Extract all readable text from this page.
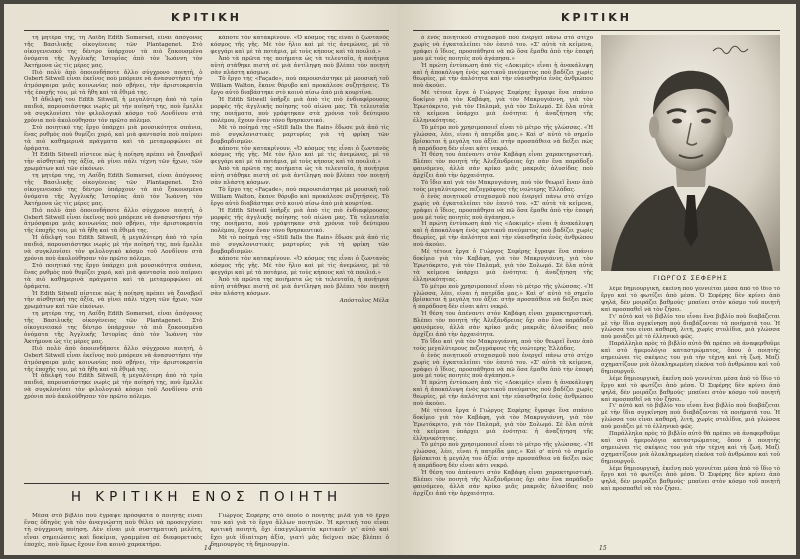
ΚΡΙΤΙΚΗ

τη μητέρα της, τη Λαίδη Edith Somerset, είναι ἀπόγονος τῆς Βασιλικῆς οἰκογένειας τῶν Plantagenet. Στὸ οἰκογενειακό της δέντρο ὑπάρχουν τὰ πιὸ ξακουσμένα ὀνόματα τῆς Ἀγγλικῆς Ἱστορίας ἀπὸ τὸν Ἰωάννη τὸν Ἀκτήμονα ὡς τὶς μέρες μας.

Πιὸ πολὺ ἀπὸ ὁποιονδήποτε ἄλλο σύγχρονο ποιητή, ὁ Osbert Sitwell εἶναι ἐκεῖνος ποὺ μπόρεσε νὰ ἀνασυστήσει τὴν ἀτμόσφαιρα μιᾶς κοινωνίας ποὺ σβήνει, τὴν ἀριστοκρατία τῆς ἐποχῆς του, μὲ τὰ ἤθη καὶ τὰ ἔθιμά της.

Ἡ ἀδελφή του Edith Sitwell, ἡ μεγαλύτερη ἀπὸ τὰ τρία παιδιά, παρουσιάστηκε νωρὶς μὲ τὴν ποίησή της, ποὺ ἔμελλε νὰ συγκλονίσει τὸν φιλολογικὸ κόσμο τοῦ Λονδίνου στὰ χρόνια ποὺ ἀκολούθησαν τὸν πρῶτο πόλεμο.

Στὸ ποιητικό της ἔργο ὑπάρχει μιὰ μουσικότητα σπάνια, ἕνας ρυθμὸς ποὺ θυμίζει χορό, καὶ μιὰ φαντασία ποὺ παίρνει τὰ πιὸ καθημερινὰ πράγματα καὶ τὰ μεταμορφώνει σὲ ὁράματα.

Ἡ Edith Sitwell πίστευε πὼς ἡ ποίηση πρέπει νὰ ξαναβρεῖ τὴν αἰσθητική της ἀξία, νὰ γίνει πάλι τέχνη τῶν ἤχων, τῶν χρωμάτων καὶ τῶν εἰκόνων.

τη μητέρα της, τη Λαίδη Edith Somerset, είναι ἀπόγονος τῆς Βασιλικῆς οἰκογένειας τῶν Plantagenet. Στὸ οἰκογενειακό της δέντρο ὑπάρχουν τὰ πιὸ ξακουσμένα ὀνόματα τῆς Ἀγγλικῆς Ἱστορίας ἀπὸ τὸν Ἰωάννη τὸν Ἀκτήμονα ὡς τὶς μέρες μας.

Πιὸ πολὺ ἀπὸ ὁποιονδήποτε ἄλλο σύγχρονο ποιητή, ὁ Osbert Sitwell εἶναι ἐκεῖνος ποὺ μπόρεσε νὰ ἀνασυστήσει τὴν ἀτμόσφαιρα μιᾶς κοινωνίας ποὺ σβήνει, τὴν ἀριστοκρατία τῆς ἐποχῆς του, μὲ τὰ ἤθη καὶ τὰ ἔθιμά της.

Ἡ ἀδελφή του Edith Sitwell, ἡ μεγαλύτερη ἀπὸ τὰ τρία παιδιά, παρουσιάστηκε νωρὶς μὲ τὴν ποίησή της, ποὺ ἔμελλε νὰ συγκλονίσει τὸν φιλολογικὸ κόσμο τοῦ Λονδίνου στὰ χρόνια ποὺ ἀκολούθησαν τὸν πρῶτο πόλεμο.

Στὸ ποιητικό της ἔργο ὑπάρχει μιὰ μουσικότητα σπάνια, ἕνας ρυθμὸς ποὺ θυμίζει χορό, καὶ μιὰ φαντασία ποὺ παίρνει τὰ πιὸ καθημερινὰ πράγματα καὶ τὰ μεταμορφώνει σὲ ὁράματα.

Ἡ Edith Sitwell πίστευε πὼς ἡ ποίηση πρέπει νὰ ξαναβρεῖ τὴν αἰσθητική της ἀξία, νὰ γίνει πάλι τέχνη τῶν ἤχων, τῶν χρωμάτων καὶ τῶν εἰκόνων.

τη μητέρα της, τη Λαίδη Edith Somerset, είναι ἀπόγονος τῆς Βασιλικῆς οἰκογένειας τῶν Plantagenet. Στὸ οἰκογενειακό της δέντρο ὑπάρχουν τὰ πιὸ ξακουσμένα ὀνόματα τῆς Ἀγγλικῆς Ἱστορίας ἀπὸ τὸν Ἰωάννη τὸν Ἀκτήμονα ὡς τὶς μέρες μας.

Πιὸ πολὺ ἀπὸ ὁποιονδήποτε ἄλλο σύγχρονο ποιητή, ὁ Osbert Sitwell εἶναι ἐκεῖνος ποὺ μπόρεσε νὰ ἀνασυστήσει τὴν ἀτμόσφαιρα μιᾶς κοινωνίας ποὺ σβήνει, τὴν ἀριστοκρατία τῆς ἐποχῆς του, μὲ τὰ ἤθη καὶ τὰ ἔθιμά της.

Ἡ ἀδελφή του Edith Sitwell, ἡ μεγαλύτερη ἀπὸ τὰ τρία παιδιά, παρουσιάστηκε νωρὶς μὲ τὴν ποίησή της, ποὺ ἔμελλε νὰ συγκλονίσει τὸν φιλολογικὸ κόσμο τοῦ Λονδίνου στὰ χρόνια ποὺ ἀκολούθησαν τὸν πρῶτο πόλεμο.

κάποτε τὸν κατακρίνουν. «Ὁ κόσμος της εἶναι ὁ ζωντανὸς κόσμος τῆς γῆς. Μὲ τὸν ἥλιο καὶ μὲ τὶς ἀνεμώνες, μὲ τὸ φεγγάρι καὶ μὲ τὰ ποτάμια, μὲ τοὺς κήπους καὶ τὰ πουλιά.»

Ἀπὸ τὰ πρῶτα της ποιήματα ὡς τὰ τελευταῖα, ἡ ποιήτρια αὐτὴ στάθηκε πιστὴ σὲ μιὰ ἀντίληψη ποὺ βλέπει τὸν ποιητὴ σὰν πλάστη κόσμων.

Τὸ ἔργο της «Façade», ποὺ παρουσιάστηκε μὲ μουσικὴ τοῦ William Walton, ἔκανε θόρυβο καὶ προκάλεσε συζητήσεις. Τὸ ἔργο αὐτὸ διαβάστηκε στὸ κοινὸ πίσω ἀπὸ μιὰ κουρτίνα.

Ἡ Edith Sitwell ὑπῆρξε μιὰ ἀπὸ τὶς πιὸ ἐνδιαφέρουσες μορφὲς τῆς ἀγγλικῆς ποίησης τοῦ αἰώνα μας. Τὰ τελευταῖα της ποιήματα, ποὺ γράφτηκαν στὰ χρόνια τοῦ δεύτερου πολέμου, ἔχουν ἕναν τόνο θρησκευτικό.

Μὲ τὸ ποίημά της «Still falls the Rain» ἔδωσε μιὰ ἀπὸ τὶς πιὸ συγκλονιστικὲς μαρτυρίες γιὰ τὴ φρίκη τῶν βομβαρδισμῶν.

κάποτε τὸν κατακρίνουν. «Ὁ κόσμος της εἶναι ὁ ζωντανὸς κόσμος τῆς γῆς. Μὲ τὸν ἥλιο καὶ μὲ τὶς ἀνεμώνες, μὲ τὸ φεγγάρι καὶ μὲ τὰ ποτάμια, μὲ τοὺς κήπους καὶ τὰ πουλιά.»

Ἀπὸ τὰ πρῶτα της ποιήματα ὡς τὰ τελευταῖα, ἡ ποιήτρια αὐτὴ στάθηκε πιστὴ σὲ μιὰ ἀντίληψη ποὺ βλέπει τὸν ποιητὴ σὰν πλάστη κόσμων.

Τὸ ἔργο της «Façade», ποὺ παρουσιάστηκε μὲ μουσικὴ τοῦ William Walton, ἔκανε θόρυβο καὶ προκάλεσε συζητήσεις. Τὸ ἔργο αὐτὸ διαβάστηκε στὸ κοινὸ πίσω ἀπὸ μιὰ κουρτίνα.

Ἡ Edith Sitwell ὑπῆρξε μιὰ ἀπὸ τὶς πιὸ ἐνδιαφέρουσες μορφὲς τῆς ἀγγλικῆς ποίησης τοῦ αἰώνα μας. Τὰ τελευταῖα της ποιήματα, ποὺ γράφτηκαν στὰ χρόνια τοῦ δεύτερου πολέμου, ἔχουν ἕναν τόνο θρησκευτικό.

Μὲ τὸ ποίημά της «Still falls the Rain» ἔδωσε μιὰ ἀπὸ τὶς πιὸ συγκλονιστικὲς μαρτυρίες γιὰ τὴ φρίκη τῶν βομβαρδισμῶν.

κάποτε τὸν κατακρίνουν. «Ὁ κόσμος της εἶναι ὁ ζωντανὸς κόσμος τῆς γῆς. Μὲ τὸν ἥλιο καὶ μὲ τὶς ἀνεμώνες, μὲ τὸ φεγγάρι καὶ μὲ τὰ ποτάμια, μὲ τοὺς κήπους καὶ τὰ πουλιά.»

Ἀπὸ τὰ πρῶτα της ποιήματα ὡς τὰ τελευταῖα, ἡ ποιήτρια αὐτὴ στάθηκε πιστὴ σὲ μιὰ ἀντίληψη ποὺ βλέπει τὸν ποιητὴ σὰν πλάστη κόσμων.

Απόστολος Μέλα
Η ΚΡΙΤΙΚΗ ΕΝΟΣ ΠΟΙΗΤΗ

Μέσα στὸ βιβλίο ποὺ ἔγραψε πρόσφατα ὁ ποιητὴς εἶναι ἕνας ὁδηγὸς γιὰ τὸν ἀναγνώστη ποὺ θέλει νὰ προσεγγίσει τὴ σύγχρονη ποίηση. Δὲν εἶναι μιὰ συστηματικὴ μελέτη, εἶναι σημειώσεις καὶ δοκίμια, γραμμένα σὲ διαφορετικὲς ἐποχὲς, ποὺ ὅμως ἔχουν ἕνα κοινὸ χαρακτήρα.

Γιώργος Σεφέρης στὸ ὁποῖο ὁ ποιητὴς μιλᾶ γιὰ τὸ ἔργο του καὶ γιὰ τὸ ἔργο ἄλλων ποιητῶν. Ἡ κριτική του εἶναι κριτικὴ ποιητή, ὄχι ἐπαγγελματία κριτικοῦ· γι' αὐτὸ καὶ ἔχει μιὰ ἰδιαίτερη ἀξία, γιατὶ μᾶς δείχνει πῶς βλέπει ὁ δημιουργὸς τὴ δημιουργία.

14
ΚΡΙΤΙΚΗ

ὁ ἐνὸς ποιητικοῦ στοχασμοῦ ποὺ ἐνεργεῖ πάνω στὸ στίχο χωρὶς νὰ ἐγκαταλείπει τὸν ἑαυτό του. «Σ' αὐτὰ τὰ κείμενα, γράφει ὁ ἴδιος, προσπάθησα νὰ πῶ ὅσα ἔμαθα ἀπὸ τὴν ἐπαφή μου μὲ τοὺς ποιητὲς ποὺ ἀγάπησα.»

Ἡ πρώτη ἐντύπωση ἀπὸ τὶς «Δοκιμές» εἶναι ἡ ἀνακάλυψη καὶ ἡ ἀποκάλυψη ἑνὸς κριτικοῦ πνεύματος ποὺ βαδίζει χωρὶς θεωρίες, μὲ τὴν ἁπλότητα καὶ τὴν εὐαισθησία ἑνὸς ἀνθρώπου ποὺ ἀκούει.

Μὲ τέτοια ἔργα ὁ Γιώργος Σεφέρης ἔγραψε ἕνα σπάνιο δοκίμιο γιὰ τὸν Καβάφη, γιὰ τὸν Μακρυγιάννη, γιὰ τὸν Ἐρωτόκριτο, γιὰ τὸν Παλαμᾶ, γιὰ τὸν Σολωμό. Σὲ ὅλα αὐτὰ τὰ κείμενα ὑπάρχει μιὰ ἐνότητα: ἡ ἀναζήτηση τῆς ἑλληνικότητας.

Τὸ μέτρο ποὺ χρησιμοποιεῖ εἶναι τὸ μέτρο τῆς γλώσσας. «Ἡ γλώσσα, λέει, εἶναι ἡ πατρίδα μας.» Καὶ σ' αὐτὸ τὸ σημεῖο βρίσκεται ἡ μεγάλη του ἀξία: στὴν προσπάθεια νὰ δείξει πὼς ἡ παράδοση δὲν εἶναι κάτι νεκρό.

Ἡ θέση του ἀπέναντι στὸν Καβάφη εἶναι χαρακτηριστική. Βλέπει τὸν ποιητὴ τῆς Ἀλεξάνδρειας ὄχι σὰν ἕνα παράδοξο φαινόμενο, ἀλλὰ σὰν κρίκο μιᾶς μακριᾶς ἁλυσίδας ποὺ ἀρχίζει ἀπὸ τὴν ἀρχαιότητα.

Τὸ ἴδιο καὶ γιὰ τὸν Μακρυγιάννη, ποὺ τὸν θεωρεῖ ἕναν ἀπὸ τοὺς μεγαλύτερους πεζογράφους τῆς νεώτερης Ἑλλάδας.

ὁ ἐνὸς ποιητικοῦ στοχασμοῦ ποὺ ἐνεργεῖ πάνω στὸ στίχο χωρὶς νὰ ἐγκαταλείπει τὸν ἑαυτό του. «Σ' αὐτὰ τὰ κείμενα, γράφει ὁ ἴδιος, προσπάθησα νὰ πῶ ὅσα ἔμαθα ἀπὸ τὴν ἐπαφή μου μὲ τοὺς ποιητὲς ποὺ ἀγάπησα.»

Ἡ πρώτη ἐντύπωση ἀπὸ τὶς «Δοκιμές» εἶναι ἡ ἀνακάλυψη καὶ ἡ ἀποκάλυψη ἑνὸς κριτικοῦ πνεύματος ποὺ βαδίζει χωρὶς θεωρίες, μὲ τὴν ἁπλότητα καὶ τὴν εὐαισθησία ἑνὸς ἀνθρώπου ποὺ ἀκούει.

Μὲ τέτοια ἔργα ὁ Γιώργος Σεφέρης ἔγραψε ἕνα σπάνιο δοκίμιο γιὰ τὸν Καβάφη, γιὰ τὸν Μακρυγιάννη, γιὰ τὸν Ἐρωτόκριτο, γιὰ τὸν Παλαμᾶ, γιὰ τὸν Σολωμό. Σὲ ὅλα αὐτὰ τὰ κείμενα ὑπάρχει μιὰ ἐνότητα: ἡ ἀναζήτηση τῆς ἑλληνικότητας.

Τὸ μέτρο ποὺ χρησιμοποιεῖ εἶναι τὸ μέτρο τῆς γλώσσας. «Ἡ γλώσσα, λέει, εἶναι ἡ πατρίδα μας.» Καὶ σ' αὐτὸ τὸ σημεῖο βρίσκεται ἡ μεγάλη του ἀξία: στὴν προσπάθεια νὰ δείξει πὼς ἡ παράδοση δὲν εἶναι κάτι νεκρό.

Ἡ θέση του ἀπέναντι στὸν Καβάφη εἶναι χαρακτηριστική. Βλέπει τὸν ποιητὴ τῆς Ἀλεξάνδρειας ὄχι σὰν ἕνα παράδοξο φαινόμενο, ἀλλὰ σὰν κρίκο μιᾶς μακριᾶς ἁλυσίδας ποὺ ἀρχίζει ἀπὸ τὴν ἀρχαιότητα.

Τὸ ἴδιο καὶ γιὰ τὸν Μακρυγιάννη, ποὺ τὸν θεωρεῖ ἕναν ἀπὸ τοὺς μεγαλύτερους πεζογράφους τῆς νεώτερης Ἑλλάδας.

ὁ ἐνὸς ποιητικοῦ στοχασμοῦ ποὺ ἐνεργεῖ πάνω στὸ στίχο χωρὶς νὰ ἐγκαταλείπει τὸν ἑαυτό του. «Σ' αὐτὰ τὰ κείμενα, γράφει ὁ ἴδιος, προσπάθησα νὰ πῶ ὅσα ἔμαθα ἀπὸ τὴν ἐπαφή μου μὲ τοὺς ποιητὲς ποὺ ἀγάπησα.»

Ἡ πρώτη ἐντύπωση ἀπὸ τὶς «Δοκιμές» εἶναι ἡ ἀνακάλυψη καὶ ἡ ἀποκάλυψη ἑνὸς κριτικοῦ πνεύματος ποὺ βαδίζει χωρὶς θεωρίες, μὲ τὴν ἁπλότητα καὶ τὴν εὐαισθησία ἑνὸς ἀνθρώπου ποὺ ἀκούει.

Μὲ τέτοια ἔργα ὁ Γιώργος Σεφέρης ἔγραψε ἕνα σπάνιο δοκίμιο γιὰ τὸν Καβάφη, γιὰ τὸν Μακρυγιάννη, γιὰ τὸν Ἐρωτόκριτο, γιὰ τὸν Παλαμᾶ, γιὰ τὸν Σολωμό. Σὲ ὅλα αὐτὰ τὰ κείμενα ὑπάρχει μιὰ ἐνότητα: ἡ ἀναζήτηση τῆς ἑλληνικότητας.

Τὸ μέτρο ποὺ χρησιμοποιεῖ εἶναι τὸ μέτρο τῆς γλώσσας. «Ἡ γλώσσα, λέει, εἶναι ἡ πατρίδα μας.» Καὶ σ' αὐτὸ τὸ σημεῖο βρίσκεται ἡ μεγάλη του ἀξία: στὴν προσπάθεια νὰ δείξει πὼς ἡ παράδοση δὲν εἶναι κάτι νεκρό.

Ἡ θέση του ἀπέναντι στὸν Καβάφη εἶναι χαρακτηριστική. Βλέπει τὸν ποιητὴ τῆς Ἀλεξάνδρειας ὄχι σὰν ἕνα παράδοξο φαινόμενο, ἀλλὰ σὰν κρίκο μιᾶς μακριᾶς ἁλυσίδας ποὺ ἀρχίζει ἀπὸ τὴν ἀρχαιότητα.

ΓΙΩΡΓΟΣ ΣΕΦΕΡΗΣ

λέμε δημιουργικὴ, ἐκεῖνη ποὺ γεννιέται μέσα ἀπὸ τὸ ἴδιο τὸ ἔργο καὶ τὸ φωτίζει ἀπὸ μέσα. Ὁ Σεφέρης δὲν κρίνει ἀπὸ ψηλά, δὲν μοιράζει βαθμούς· μπαίνει στὸν κόσμο τοῦ ποιητῆ καὶ προσπαθεῖ νὰ τὸν ζήσει.

Γι' αὐτὸ καὶ τὸ βιβλίο του εἶναι ἕνα βιβλίο ποὺ διαβάζεται μὲ τὴν ἴδια συγκίνηση ποὺ διαβάζονται τὰ ποιήματά του. Ἡ γλώσσα του εἶναι καθαρή, λιτή, χωρὶς στολίδια, μιὰ γλώσσα ποὺ μοιάζει μὲ τὸ ἑλληνικὸ φῶς.

Παράλληλα πρὸς τὸ βιβλίο αὐτὸ θὰ πρέπει νὰ ἀναφερθοῦμε καὶ στὸ ἡμερολόγιο καταστρώματος, ὅπου ὁ ποιητὴς σημειώνει τὶς σκέψεις του γιὰ τὴν τέχνη καὶ τὴ ζωή. Μαζὶ σχηματίζουν μιὰ ὁλοκληρωμένη εἰκόνα τοῦ ἀνθρώπου καὶ τοῦ δημιουργοῦ.

λέμε δημιουργικὴ, ἐκεῖνη ποὺ γεννιέται μέσα ἀπὸ τὸ ἴδιο τὸ ἔργο καὶ τὸ φωτίζει ἀπὸ μέσα. Ὁ Σεφέρης δὲν κρίνει ἀπὸ ψηλά, δὲν μοιράζει βαθμούς· μπαίνει στὸν κόσμο τοῦ ποιητῆ καὶ προσπαθεῖ νὰ τὸν ζήσει.

Γι' αὐτὸ καὶ τὸ βιβλίο του εἶναι ἕνα βιβλίο ποὺ διαβάζεται μὲ τὴν ἴδια συγκίνηση ποὺ διαβάζονται τὰ ποιήματά του. Ἡ γλώσσα του εἶναι καθαρή, λιτή, χωρὶς στολίδια, μιὰ γλώσσα ποὺ μοιάζει μὲ τὸ ἑλληνικὸ φῶς.

Παράλληλα πρὸς τὸ βιβλίο αὐτὸ θὰ πρέπει νὰ ἀναφερθοῦμε καὶ στὸ ἡμερολόγιο καταστρώματος, ὅπου ὁ ποιητὴς σημειώνει τὶς σκέψεις του γιὰ τὴν τέχνη καὶ τὴ ζωή. Μαζὶ σχηματίζουν μιὰ ὁλοκληρωμένη εἰκόνα τοῦ ἀνθρώπου καὶ τοῦ δημιουργοῦ.

λέμε δημιουργικὴ, ἐκεῖνη ποὺ γεννιέται μέσα ἀπὸ τὸ ἴδιο τὸ ἔργο καὶ τὸ φωτίζει ἀπὸ μέσα. Ὁ Σεφέρης δὲν κρίνει ἀπὸ ψηλά, δὲν μοιράζει βαθμούς· μπαίνει στὸν κόσμο τοῦ ποιητῆ καὶ προσπαθεῖ νὰ τὸν ζήσει.

15
